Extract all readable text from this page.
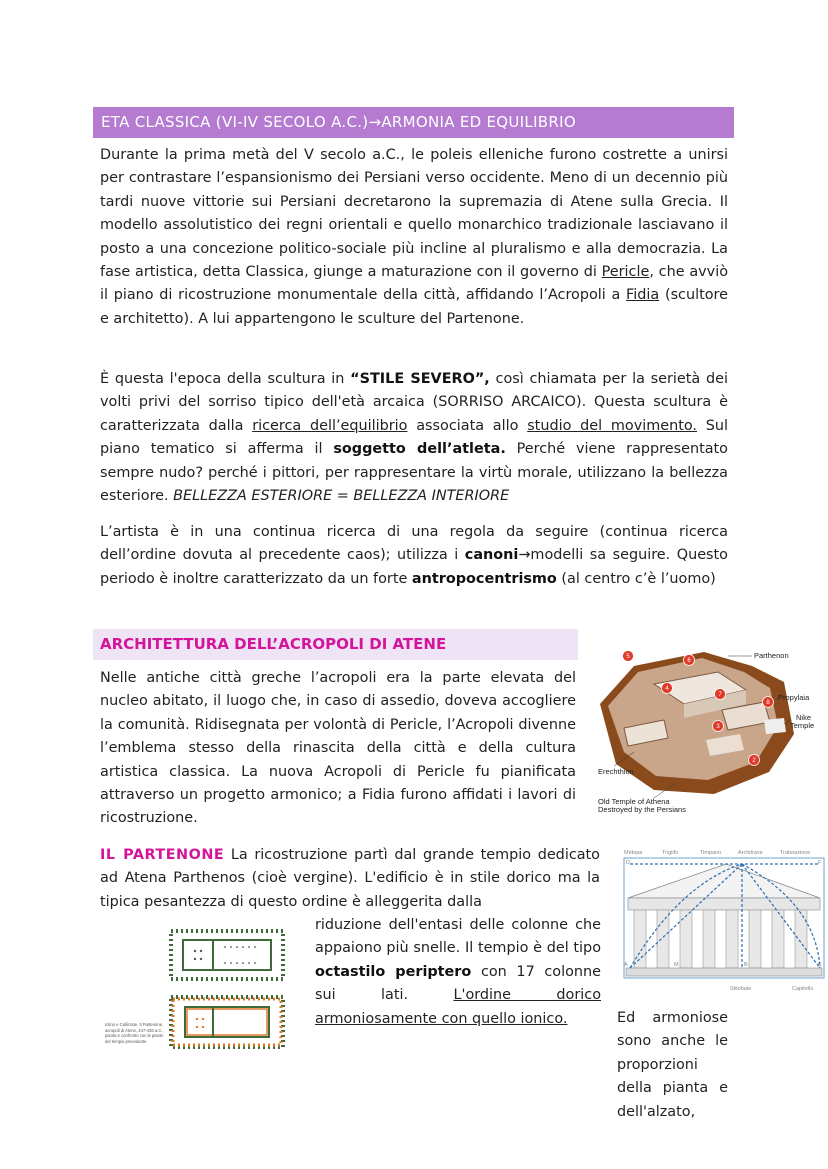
ETA CLASSICA (VI-IV SECOLO A.C.)→ARMONIA ED EQUILIBRIO

Durante la prima metà del V secolo a.C., le poleis elleniche furono costrette a unirsi per contrastare l’espansionismo dei Persiani verso occidente. Meno di un decennio più tardi nuove vittorie sui Persiani decretarono la supremazia di Atene sulla Grecia. Il modello assolutistico dei regni orientali e quello monarchico tradizionale lasciavano il posto a una concezione politico-sociale più incline al pluralismo e alla democrazia. La fase artistica, detta Classica, giunge a maturazione con il governo di Pericle, che avviò il piano di ricostruzione monumentale della città, affidando l’Acropoli a Fidia (scultore e architetto). A lui appartengono le sculture del Partenone.

È questa l'epoca della scultura in “STILE SEVERO”, così chiamata per la serietà dei volti privi del sorriso tipico dell'età arcaica (SORRISO ARCAICO). Questa scultura è caratterizzata dalla ricerca dell’equilibrio associata allo studio del movimento. Sul piano tematico si afferma il soggetto dell’atleta. Perché viene rappresentato sempre nudo? perché i pittori, per rappresentare la virtù morale, utilizzano la bellezza esteriore. BELLEZZA ESTERIORE = BELLEZZA INTERIORE

L’artista è in una continua ricerca di una regola da seguire (continua ricerca dell’ordine dovuta al precedente caos); utilizza i canoni→modelli sa seguire. Questo periodo è inoltre caratterizzato da un forte antropocentrismo (al centro c’è l’uomo)

ARCHITETTURA DELL’ACROPOLI DI ATENE

Nelle antiche città greche l’acropoli era la parte elevata del nucleo abitato, il luogo che, in caso di assedio, doveva accogliere la comunità. Ridisegnata per volontà di Pericle, l’Acropoli divenne l’emblema stesso della rinascita della città e della cultura artistica classica. La nuova Acropoli di Pericle fu pianificata attraverso un progetto armonico; a Fidia furono affidati i lavori di ricostruzione.

5
6
4
7
8
3
2
Parthenon
Propylaia
Nike
Temple
Erechthion
Old Temple of Athena
Destroyed by the Persians

IL PARTENONE La ricostruzione partì dal grande tempio dedicato ad Atena Parthenos (cioè vergine). L'edificio è in stile dorico ma la tipica pesantezza di questo ordine è alleggerita dalla

riduzione dell'entasi delle colonne che appaiono più snelle. Il tempio è del tipo octastilo periptero con 17 colonne sui lati. L'ordine dorico armoniosamente con quello ionico.	Ed armoniose sono anche le proporzioni della pianta e dell'alzato,

Métopa	Triglifo	Timpano	Architrave	Trabeazione
D
C
F
A	M	B	E
Stilobate	Capitello
Ictino e Callicrate, Il Partenone, acropoli di Atene, 447-438 a.C., pianta e confronto con le piante del tempio precedente
